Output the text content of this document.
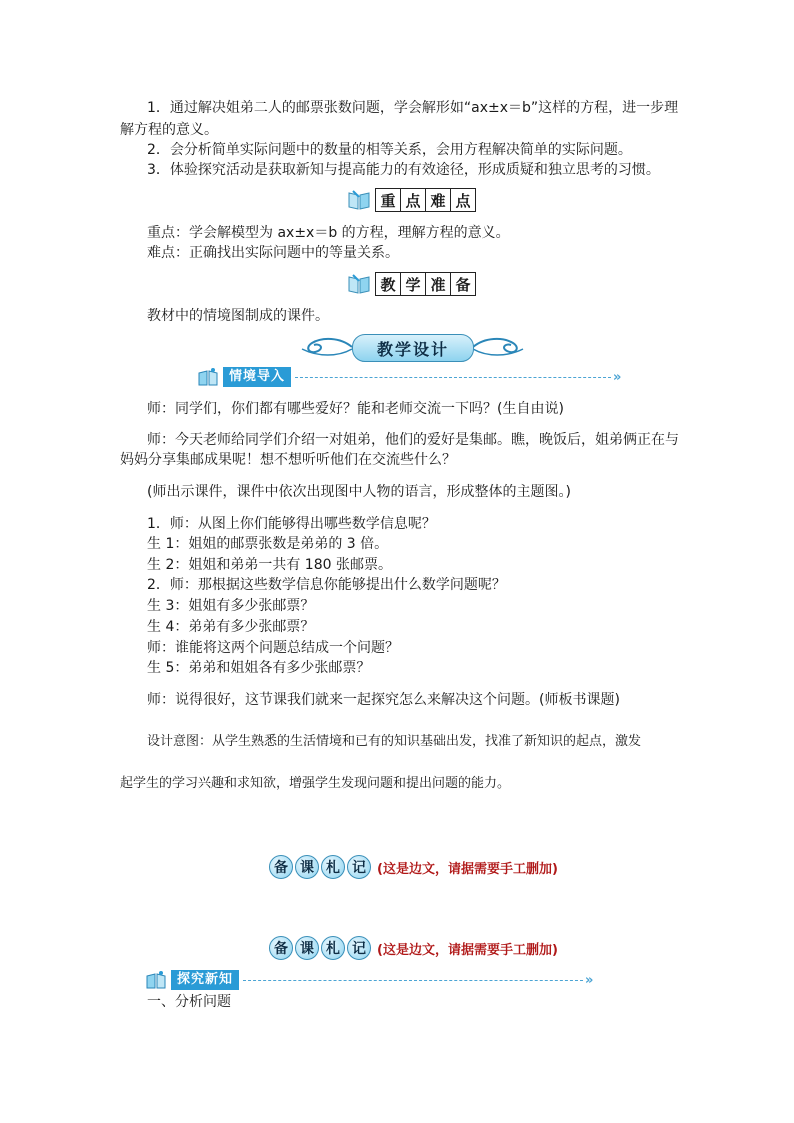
1．通过解决姐弟二人的邮票张数问题，学会解形如“ax±x＝b”这样的方程，进一步理
解方程的意义。
2．会分析简单实际问题中的数量的相等关系，会用方程解决简单的实际问题。
3．体验探究活动是获取新知与提高能力的有效途径，形成质疑和独立思考的习惯。
重 点 难 点
重点：学会解模型为 ax±x＝b 的方程，理解方程的意义。
难点：正确找出实际问题中的等量关系。
教 学 准 备
教材中的情境图制成的课件。
教学设计
情境导入	»
师：同学们，你们都有哪些爱好？能和老师交流一下吗？(生自由说)
师：今天老师给同学们介绍一对姐弟，他们的爱好是集邮。瞧，晚饭后，姐弟俩正在与
妈妈分享集邮成果呢！想不想听听他们在交流些什么？
(师出示课件，课件中依次出现图中人物的语言，形成整体的主题图。)
1．师：从图上你们能够得出哪些数学信息呢？
生 1：姐姐的邮票张数是弟弟的 3 倍。
生 2：姐姐和弟弟一共有 180 张邮票。
2．师：那根据这些数学信息你能够提出什么数学问题呢？
生 3：姐姐有多少张邮票？
生 4：弟弟有多少张邮票？
师：谁能将这两个问题总结成一个问题？
生 5：弟弟和姐姐各有多少张邮票？
师：说得很好，这节课我们就来一起探究怎么来解决这个问题。(师板书课题)
设计意图：从学生熟悉的生活情境和已有的知识基础出发，找准了新知识的起点，激发
起学生的学习兴趣和求知欲，增强学生发现问题和提出问题的能力。
备 课 札 记 (这是边文，请据需要手工删加)
备 课 札 记 (这是边文，请据需要手工删加)
探究新知	»
一、分析问题
